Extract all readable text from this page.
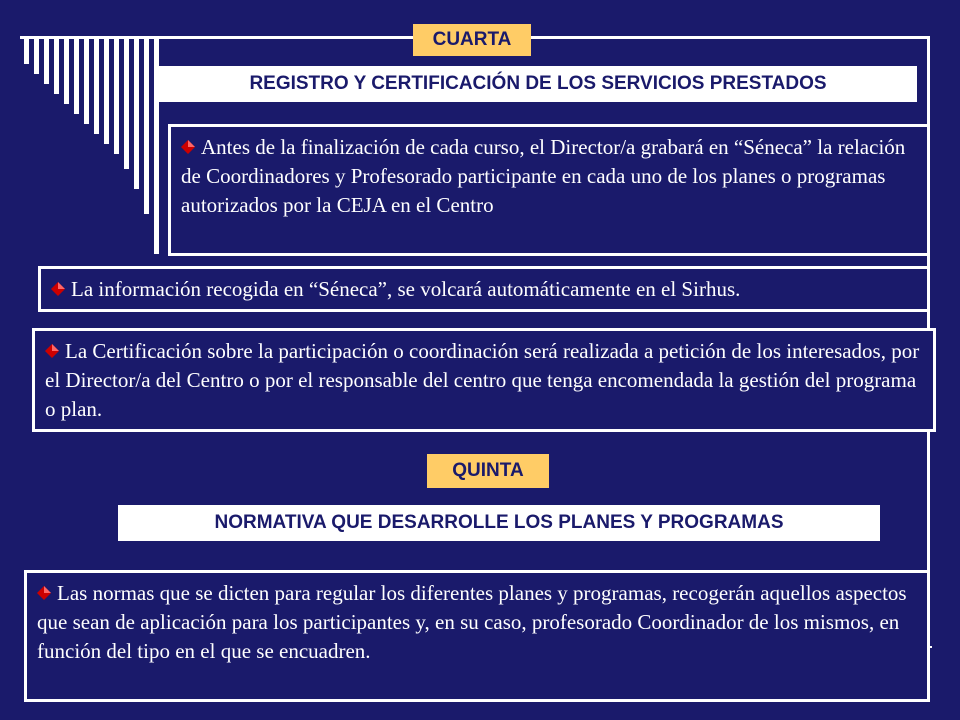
CUARTA
REGISTRO Y CERTIFICACIÓN DE LOS SERVICIOS PRESTADOS
Antes de la finalización de cada curso, el Director/a grabará en “Séneca” la relación de Coordinadores y Profesorado participante en cada uno de los planes o programas autorizados por la CEJA en el Centro
La información recogida en “Séneca”, se volcará automáticamente en el Sirhus.
La Certificación sobre la participación o coordinación será realizada a petición de los interesados, por el Director/a del Centro o por el responsable del centro que tenga encomendada la gestión del programa o plan.
QUINTA
NORMATIVA QUE DESARROLLE LOS PLANES Y PROGRAMAS
Las normas que se dicten para regular los diferentes planes y programas, recogerán aquellos aspectos que sean de aplicación para los participantes y, en su caso, profesorado Coordinador de los mismos, en función del tipo en el que se encuadren.
